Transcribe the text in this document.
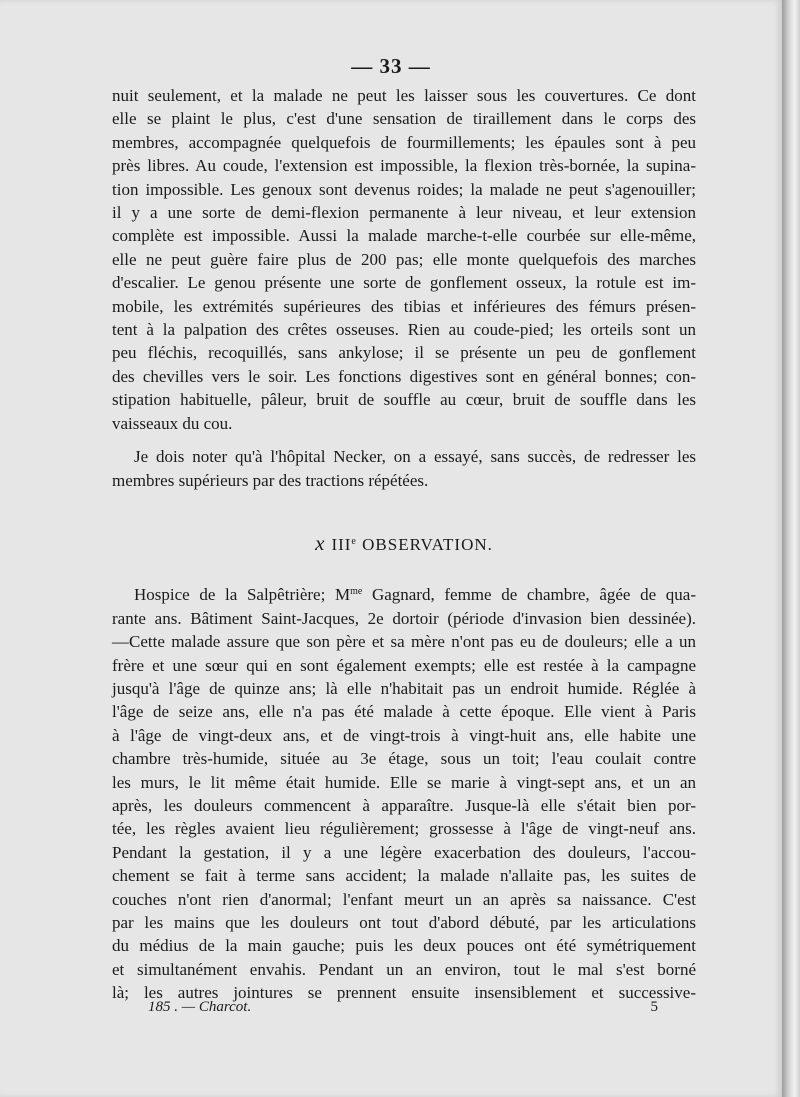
— 33 —
nuit seulement, et la malade ne peut les laisser sous les couvertures. Ce dont
elle se plaint le plus, c'est d'une sensation de tiraillement dans le corps des
membres, accompagnée quelquefois de fourmillements; les épaules sont à peu
près libres. Au coude, l'extension est impossible, la flexion très-bornée, la supina-
tion impossible. Les genoux sont devenus roides; la malade ne peut s'agenouiller;
il y a une sorte de demi-flexion permanente à leur niveau, et leur extension
complète est impossible. Aussi la malade marche-t-elle courbée sur elle-même,
elle ne peut guère faire plus de 200 pas; elle monte quelquefois des marches
d'escalier. Le genou présente une sorte de gonflement osseux, la rotule est im-
mobile, les extrémités supérieures des tibias et inférieures des fémurs présen-
tent à la palpation des crêtes osseuses. Rien au coude-pied; les orteils sont un
peu fléchis, recoquillés, sans ankylose; il se présente un peu de gonflement
des chevilles vers le soir. Les fonctions digestives sont en général bonnes; con-
stipation habituelle, pâleur, bruit de souffle au cœur, bruit de souffle dans les
vaisseaux du cou.
Je dois noter qu'à l'hôpital Necker, on a essayé, sans succès, de redresser les
membres supérieurs par des tractions répétées.
x IIIe OBSERVATION.
Hospice de la Salpêtrière; $M^{me}$ Gagnard, femme de chambre, âgée de qua-
rante ans. Bâtiment Saint-Jacques, 2e dortoir (période d'invasion bien dessinée).
—Cette malade assure que son père et sa mère n'ont pas eu de douleurs; elle a un
frère et une sœur qui en sont également exempts; elle est restée à la campagne
jusqu'à l'âge de quinze ans; là elle n'habitait pas un endroit humide. Réglée à
l'âge de seize ans, elle n'a pas été malade à cette époque. Elle vient à Paris
à l'âge de vingt-deux ans, et de vingt-trois à vingt-huit ans, elle habite une
chambre très-humide, située au 3e étage, sous un toit; l'eau coulait contre
les murs, le lit même était humide. Elle se marie à vingt-sept ans, et un an
après, les douleurs commencent à apparaître. Jusque-là elle s'était bien por-
tée, les règles avaient lieu régulièrement; grossesse à l'âge de vingt-neuf ans.
Pendant la gestation, il y a une légère exacerbation des douleurs, l'accou-
chement se fait à terme sans accident; la malade n'allaite pas, les suites de
couches n'ont rien d'anormal; l'enfant meurt un an après sa naissance. C'est
par les mains que les douleurs ont tout d'abord débuté, par les articulations
du médius de la main gauche; puis les deux pouces ont été symétriquement
et simultanément envahis. Pendant un an environ, tout le mal s'est borné
là; les autres jointures se prennent ensuite insensiblement et successive-
185 . — Charcot.	5
